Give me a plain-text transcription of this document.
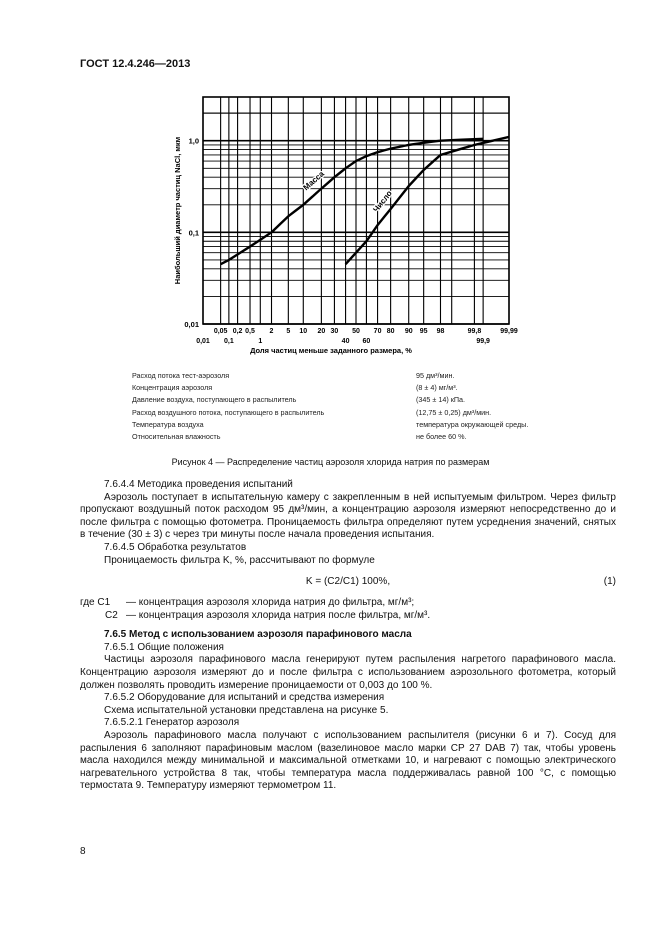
ГОСТ 12.4.246—2013
0,01
0,1
1,0
0,05 0,2 0,5 2 5 10 20 30 50 70 80 90 95 98	99,8	99,99
0,01 0,1	1	40 60	99,9
Доля частиц меньше заданного размера, %
Наибольший диаметр частиц NaCl, мкм	Масса
Число
Расход потока тест-аэрозоля	95 дм³/мин.
Концентрация аэрозоля	(8 ± 4) мг/м³.
Давление воздуха, поступающего в распылитель	(345 ± 14) кПа.
Расход воздушного потока, поступающего в распылитель	(12,75 ± 0,25) дм³/мин.
Температура воздуха	температура окружающей среды.
Относительная влажность	не более 60 %.
Рисунок 4 — Распределение частиц аэрозоля хлорида натрия по размерам

7.6.4.4 Методика проведения испытаний

Аэрозоль поступает в испытательную камеру с закрепленным в ней испытуемым фильтром. Через фильтр пропускают воздушный поток расходом 95 дм³/мин, а концентрацию аэрозоля измеряют непосредственно до и после фильтра с помощью фотометра. Проницаемость фильтра определяют путем усреднения значений, снятых в течение (30 ± 3) с через три минуты после начала проведения испытания.

7.6.4.5 Обработка результатов

Проницаемость фильтра K, %, рассчитывают по формуле

K = (C2/C1) 100%,	(1)
где C1 — концентрация аэрозоля хлорида натрия до фильтра, мг/м³;
C2 — концентрация аэрозоля хлорида натрия после фильтра, мг/м³.

7.6.5 Метод с использованием аэрозоля парафинового масла

7.6.5.1 Общие положения

Частицы аэрозоля парафинового масла генерируют путем распыления нагретого парафинового масла. Концентрацию аэрозоля измеряют до и после фильтра с использованием аэрозольного фотометра, который должен позволять проводить измерение проницаемости от 0,003 до 100 %.

7.6.5.2 Оборудование для испытаний и средства измерения

Схема испытательной установки представлена на рисунке 5.

7.6.5.2.1 Генератор аэрозоля

Аэрозоль парафинового масла получают с использованием распылителя (рисунки 6 и 7). Сосуд для распыления 6 заполняют парафиновым маслом (вазелиновое масло марки CP 27 DAB 7) так, чтобы уровень масла находился между минимальной и максимальной отметками 10, и нагревают с помощью электрического нагревательного устройства 8 так, чтобы температура масла поддерживалась равной 100 °С, с помощью термостата 9. Температуру измеряют термометром 11.

8
